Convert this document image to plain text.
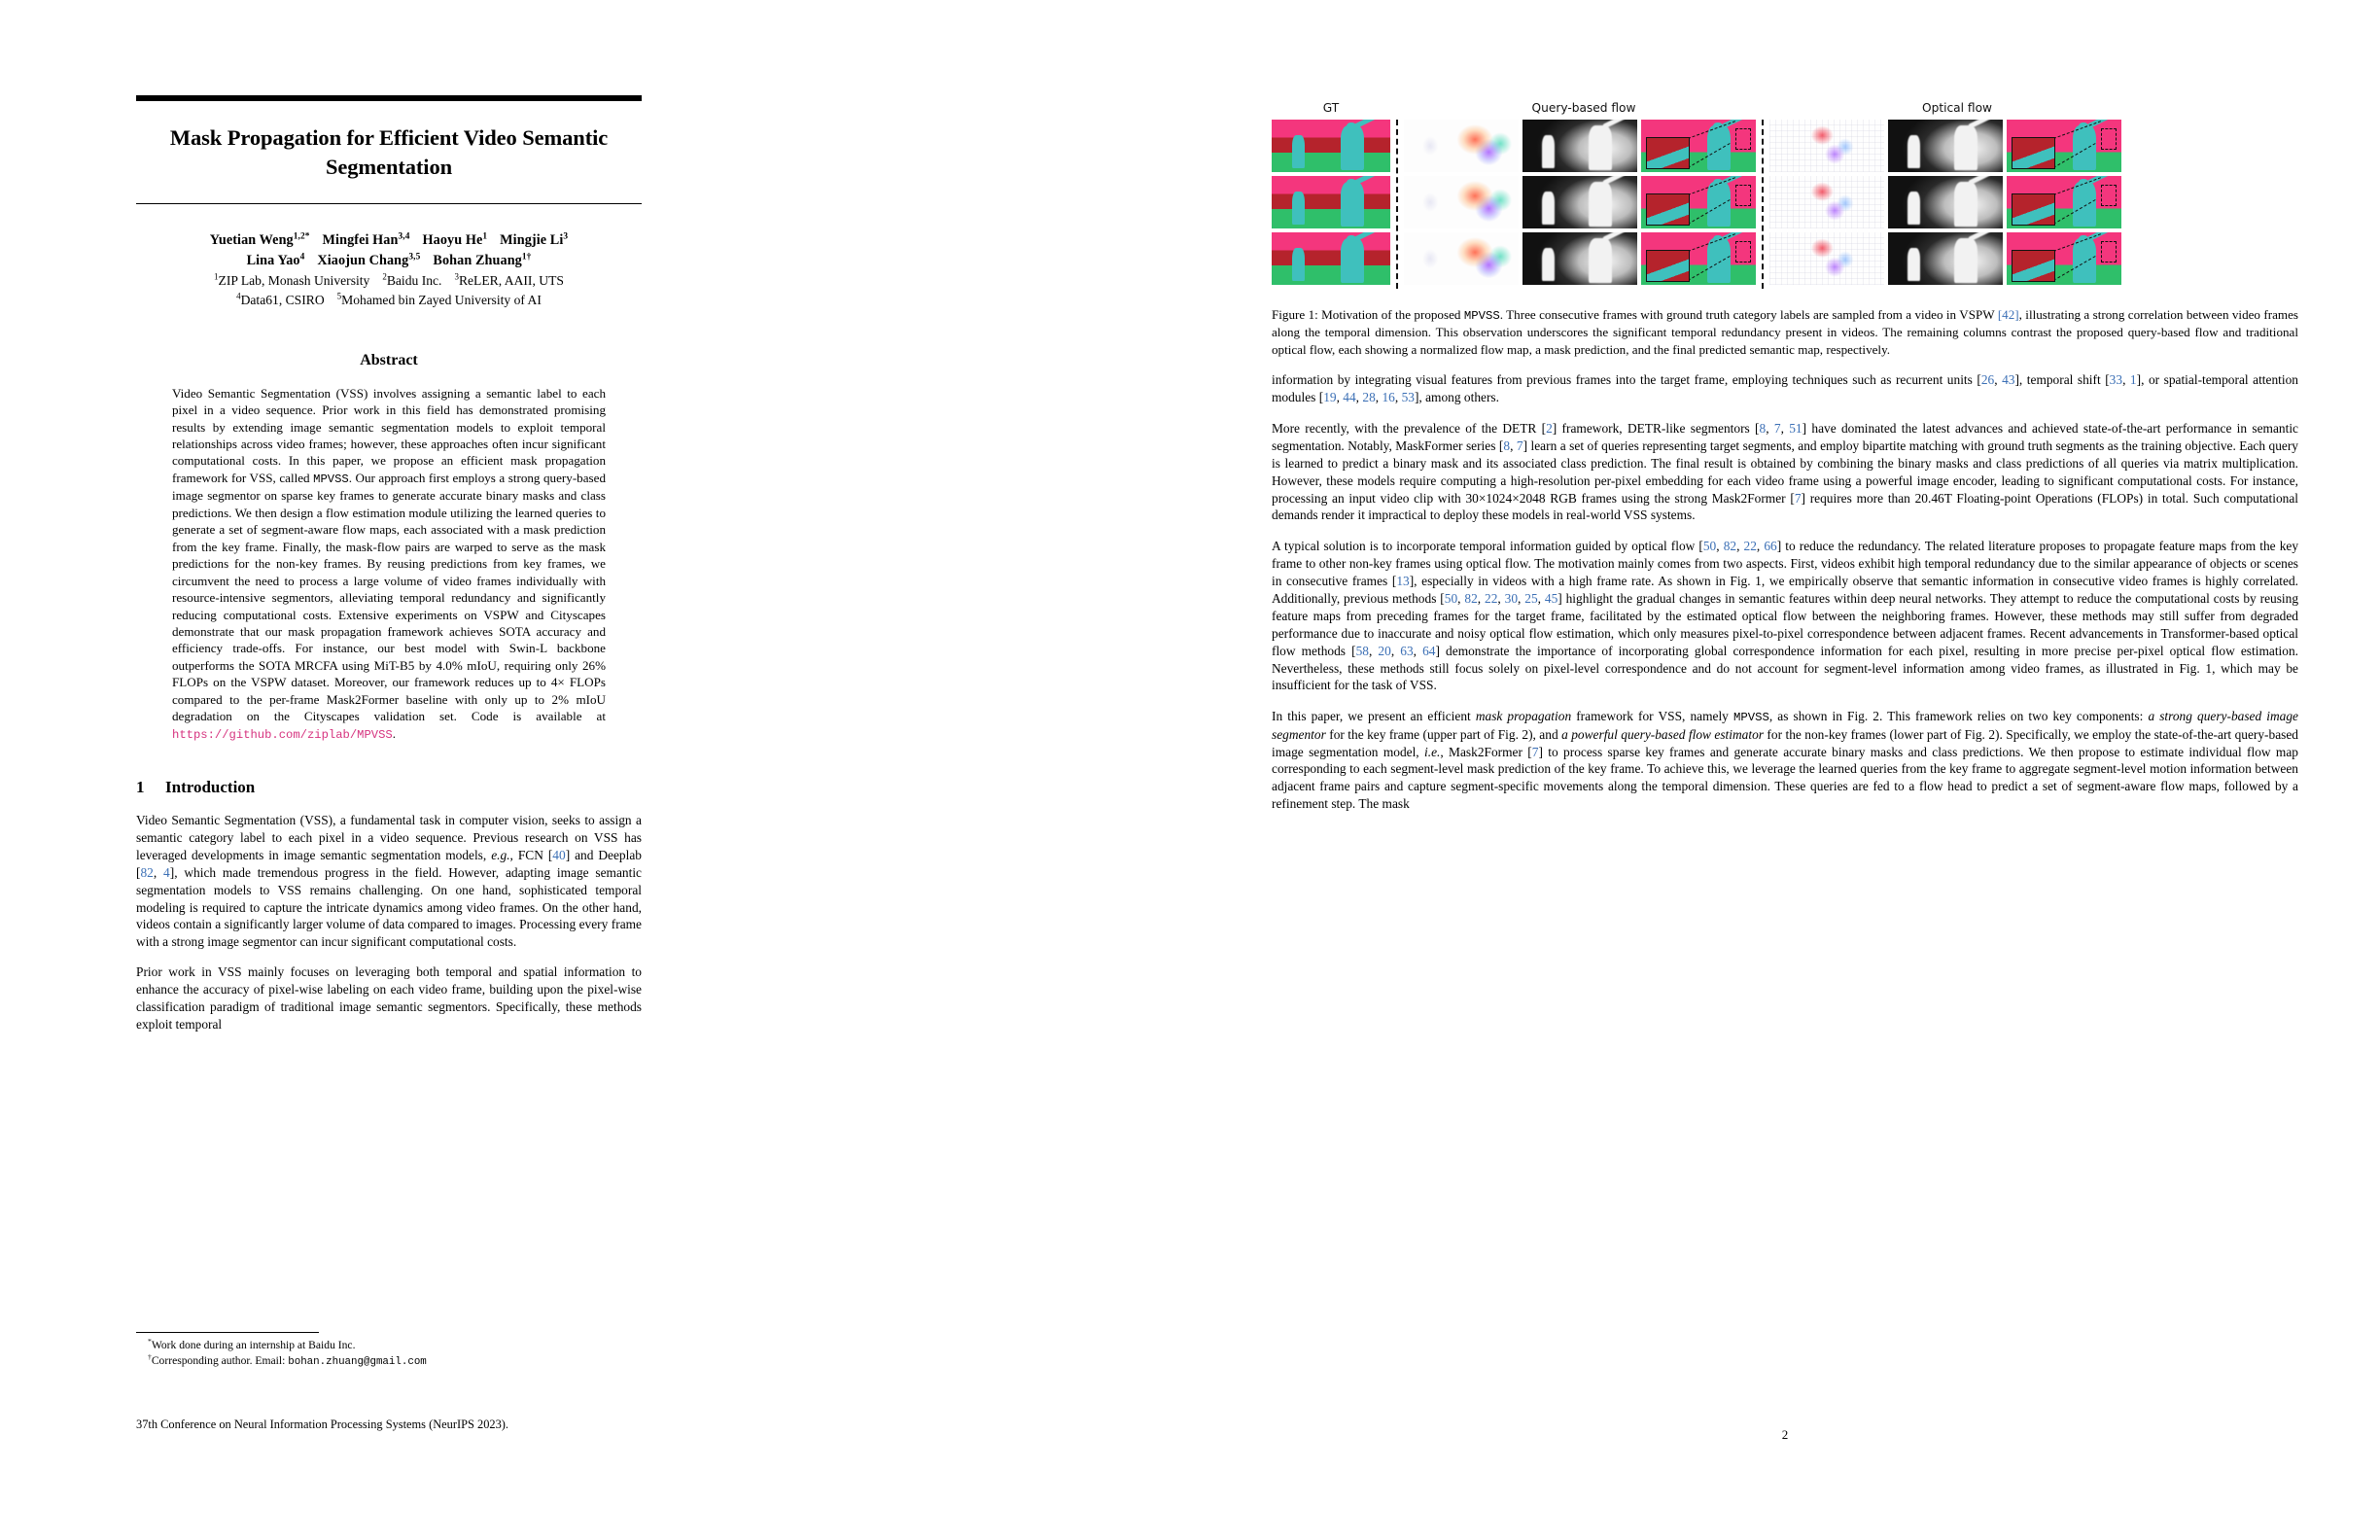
Mask Propagation for Efficient Video Semantic Segmentation
Yuetian Weng$^{1,2*}$ Mingfei Han$^{3,4}$ Haoyu He$^1$ Mingjie Li$^3$
Lina Yao$^4$ Xiaojun Chang$^{3,5}$ Bohan Zhuang$^{1\dagger}$
$^1$ZIP Lab, Monash University $^2$Baidu Inc. $^3$ReLER, AAII, UTS
$^4$Data61, CSIRO $^5$Mohamed bin Zayed University of AI
Abstract
Video Semantic Segmentation (VSS) involves assigning a semantic label to each pixel in a video sequence. Prior work in this field has demonstrated promising results by extending image semantic segmentation models to exploit temporal relationships across video frames; however, these approaches often incur significant computational costs. In this paper, we propose an efficient mask propagation framework for VSS, called MPVSS. Our approach first employs a strong query-based image segmentor on sparse key frames to generate accurate binary masks and class predictions. We then design a flow estimation module utilizing the learned queries to generate a set of segment-aware flow maps, each associated with a mask prediction from the key frame. Finally, the mask-flow pairs are warped to serve as the mask predictions for the non-key frames. By reusing predictions from key frames, we circumvent the need to process a large volume of video frames individually with resource-intensive segmentors, alleviating temporal redundancy and significantly reducing computational costs. Extensive experiments on VSPW and Cityscapes demonstrate that our mask propagation framework achieves SOTA accuracy and efficiency trade-offs. For instance, our best model with Swin-L backbone outperforms the SOTA MRCFA using MiT-B5 by 4.0% mIoU, requiring only 26% FLOPs on the VSPW dataset. Moreover, our framework reduces up to 4× FLOPs compared to the per-frame Mask2Former baseline with only up to 2% mIoU degradation on the Cityscapes validation set. Code is available at https://github.com/ziplab/MPVSS.
1 Introduction
Video Semantic Segmentation (VSS), a fundamental task in computer vision, seeks to assign a semantic category label to each pixel in a video sequence. Previous research on VSS has leveraged developments in image semantic segmentation models, e.g., FCN [40] and Deeplab [82, 4], which made tremendous progress in the field. However, adapting image semantic segmentation models to VSS remains challenging. On one hand, sophisticated temporal modeling is required to capture the intricate dynamics among video frames. On the other hand, videos contain a significantly larger volume of data compared to images. Processing every frame with a strong image segmentor can incur significant computational costs.
Prior work in VSS mainly focuses on leveraging both temporal and spatial information to enhance the accuracy of pixel-wise labeling on each video frame, building upon the pixel-wise classification paradigm of traditional image semantic segmentors. Specifically, these methods exploit temporal
*Work done during an internship at Baidu Inc.
†Corresponding author. Email: bohan.zhuang@gmail.com
37th Conference on Neural Information Processing Systems (NeurIPS 2023).
GT	Query-based flow	Optical flow
Figure 1: Motivation of the proposed MPVSS. Three consecutive frames with ground truth category labels are sampled from a video in VSPW [42], illustrating a strong correlation between video frames along the temporal dimension. This observation underscores the significant temporal redundancy present in videos. The remaining columns contrast the proposed query-based flow and traditional optical flow, each showing a normalized flow map, a mask prediction, and the final predicted semantic map, respectively.
information by integrating visual features from previous frames into the target frame, employing techniques such as recurrent units [26, 43], temporal shift [33, 1], or spatial-temporal attention modules [19, 44, 28, 16, 53], among others.
More recently, with the prevalence of the DETR [2] framework, DETR-like segmentors [8, 7, 51] have dominated the latest advances and achieved state-of-the-art performance in semantic segmentation. Notably, MaskFormer series [8, 7] learn a set of queries representing target segments, and employ bipartite matching with ground truth segments as the training objective. Each query is learned to predict a binary mask and its associated class prediction. The final result is obtained by combining the binary masks and class predictions of all queries via matrix multiplication. However, these models require computing a high-resolution per-pixel embedding for each video frame using a powerful image encoder, leading to significant computational costs. For instance, processing an input video clip with 30×1024×2048 RGB frames using the strong Mask2Former [7] requires more than 20.46T Floating-point Operations (FLOPs) in total. Such computational demands render it impractical to deploy these models in real-world VSS systems.
A typical solution is to incorporate temporal information guided by optical flow [50, 82, 22, 66] to reduce the redundancy. The related literature proposes to propagate feature maps from the key frame to other non-key frames using optical flow. The motivation mainly comes from two aspects. First, videos exhibit high temporal redundancy due to the similar appearance of objects or scenes in consecutive frames [13], especially in videos with a high frame rate. As shown in Fig. 1, we empirically observe that semantic information in consecutive video frames is highly correlated. Additionally, previous methods [50, 82, 22, 30, 25, 45] highlight the gradual changes in semantic features within deep neural networks. They attempt to reduce the computational costs by reusing feature maps from preceding frames for the target frame, facilitated by the estimated optical flow between the neighboring frames. However, these methods may still suffer from degraded performance due to inaccurate and noisy optical flow estimation, which only measures pixel-to-pixel correspondence between adjacent frames. Recent advancements in Transformer-based optical flow methods [58, 20, 63, 64] demonstrate the importance of incorporating global correspondence information for each pixel, resulting in more precise per-pixel optical flow estimation. Nevertheless, these methods still focus solely on pixel-level correspondence and do not account for segment-level information among video frames, as illustrated in Fig. 1, which may be insufficient for the task of VSS.
In this paper, we present an efficient mask propagation framework for VSS, namely MPVSS, as shown in Fig. 2. This framework relies on two key components: a strong query-based image segmentor for the key frame (upper part of Fig. 2), and a powerful query-based flow estimator for the non-key frames (lower part of Fig. 2). Specifically, we employ the state-of-the-art query-based image segmentation model, i.e., Mask2Former [7] to process sparse key frames and generate accurate binary masks and class predictions. We then propose to estimate individual flow map corresponding to each segment-level mask prediction of the key frame. To achieve this, we leverage the learned queries from the key frame to aggregate segment-level motion information between adjacent frame pairs and capture segment-specific movements along the temporal dimension. These queries are fed to a flow head to predict a set of segment-aware flow maps, followed by a refinement step. The mask
2
